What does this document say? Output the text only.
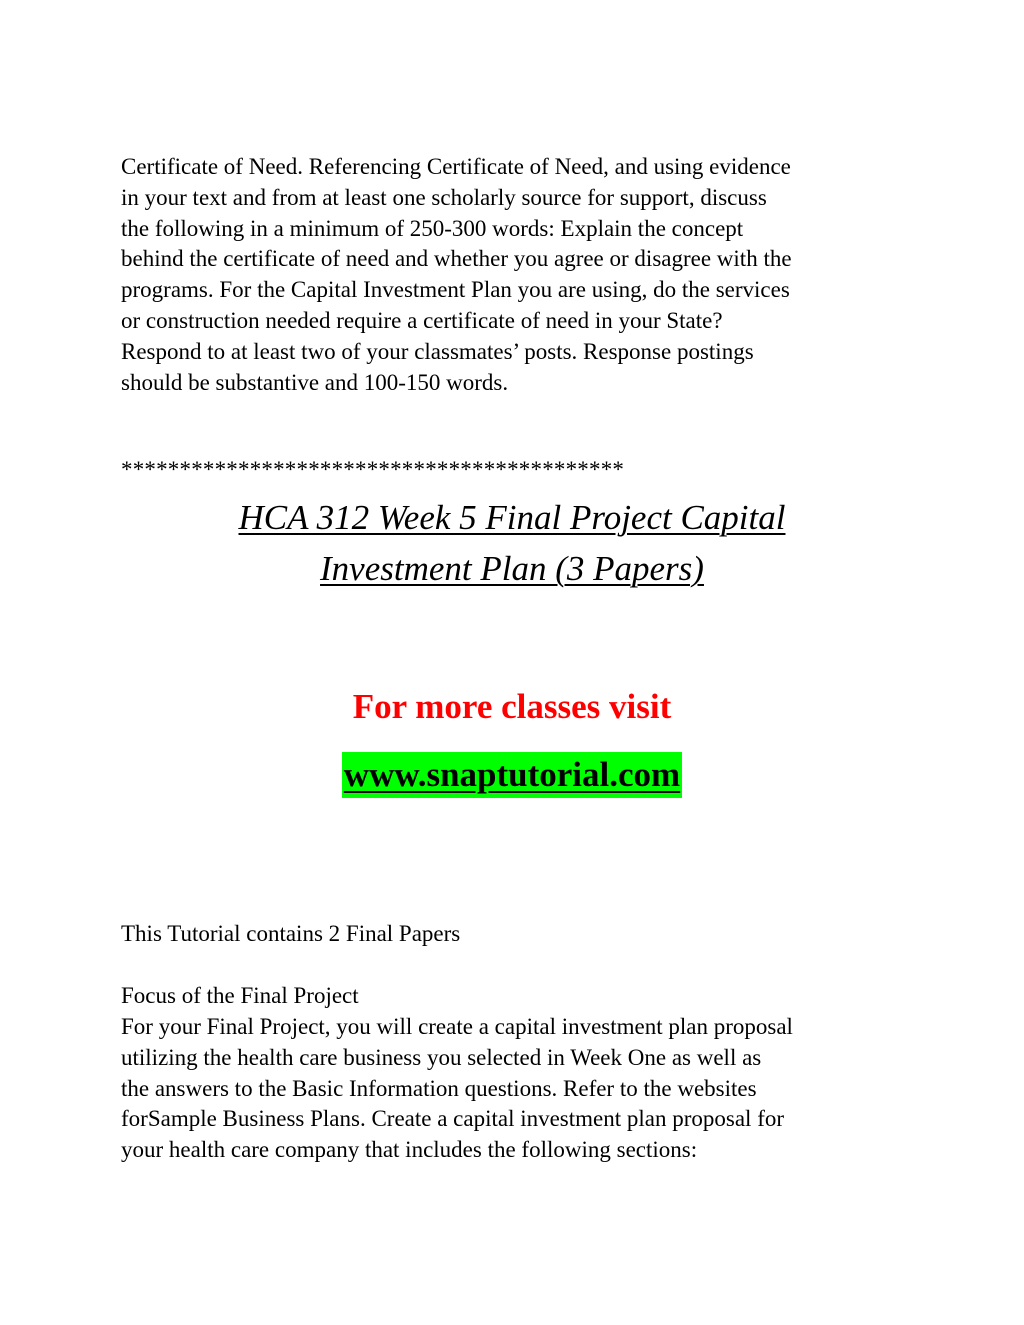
Certificate of Need. Referencing Certificate of Need, and using evidence
in your text and from at least one scholarly source for support, discuss
the following in a minimum of 250-300 words: Explain the concept
behind the certificate of need and whether you agree or disagree with the
programs. For the Capital Investment Plan you are using, do the services
or construction needed require a certificate of need in your State?
Respond to at least two of your classmates’ posts. Response postings
should be substantive and 100-150 words.

*******************************************

HCA 312 Week 5 Final Project Capital
Investment Plan (3 Papers)

For more classes visit

www.snaptutorial.com

This Tutorial contains 2 Final Papers

Focus of the Final Project

For your Final Project, you will create a capital investment plan proposal
utilizing the health care business you selected in Week One as well as
the answers to the Basic Information questions. Refer to the websites
forSample Business Plans. Create a capital investment plan proposal for
your health care company that includes the following sections:
